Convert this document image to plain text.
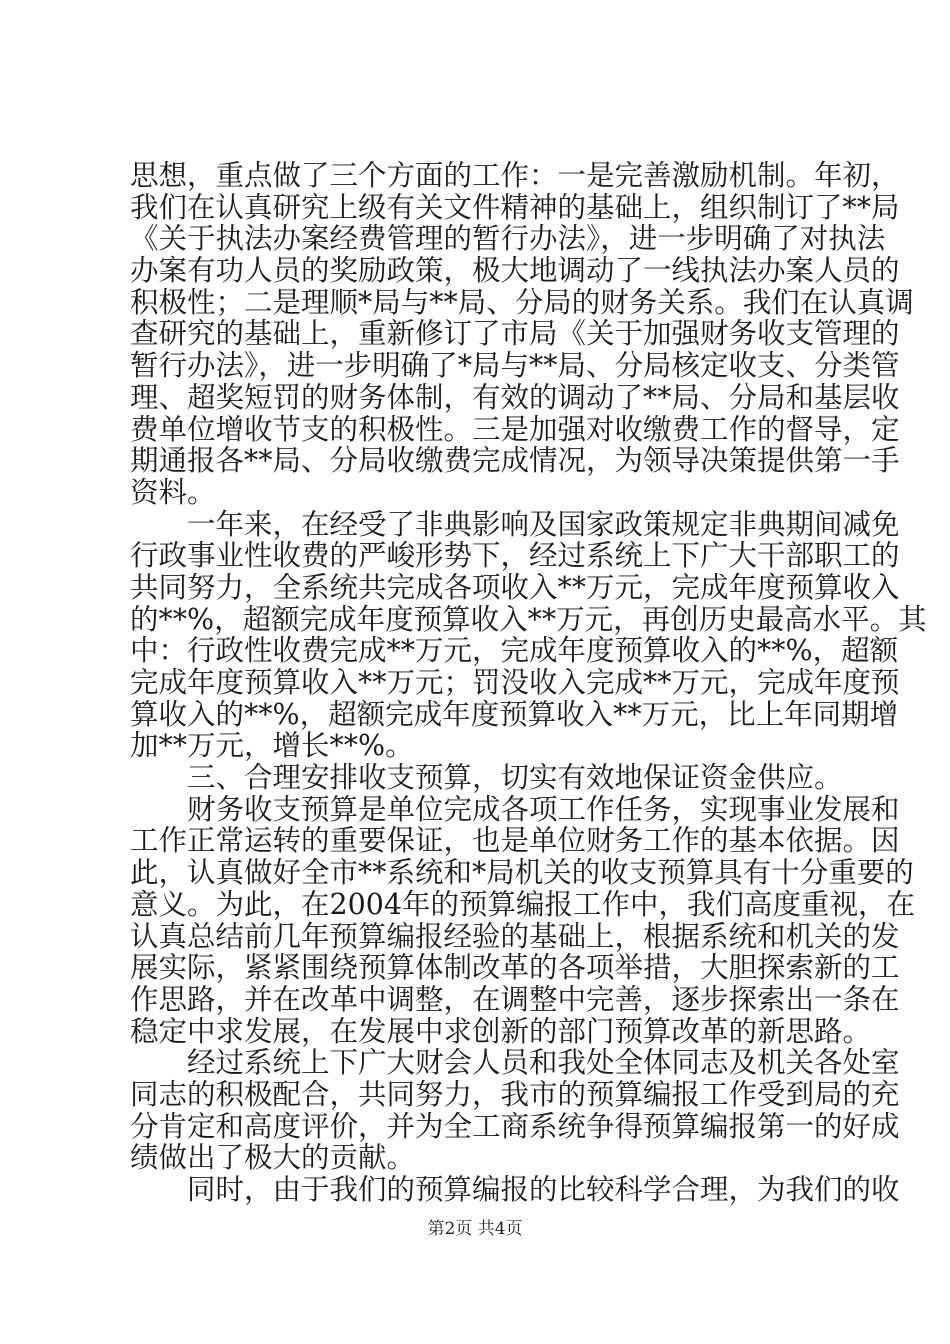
思想，重点做了三个方面的工作：一是完善激励机制。年初，
我们在认真研究上级有关文件精神的基础上，组织制订了**局
《关于执法办案经费管理的暂行办法》，进一步明确了对执法
办案有功人员的奖励政策，极大地调动了一线执法办案人员的
积极性；二是理顺*局与**局、分局的财务关系。我们在认真调
查研究的基础上，重新修订了市局《关于加强财务收支管理的
暂行办法》，进一步明确了*局与**局、分局核定收支、分类管
理、超奖短罚的财务体制，有效的调动了**局、分局和基层收
费单位增收节支的积极性。三是加强对收缴费工作的督导，定
期通报各**局、分局收缴费完成情况，为领导决策提供第一手
资料。
　　一年来，在经受了非典影响及国家政策规定非典期间减免
行政事业性收费的严峻形势下，经过系统上下广大干部职工的
共同努力，全系统共完成各项收入**万元，完成年度预算收入
的**%，超额完成年度预算收入**万元，再创历史最高水平。其
中：行政性收费完成**万元，完成年度预算收入的**%，超额
完成年度预算收入**万元；罚没收入完成**万元，完成年度预
算收入的**%，超额完成年度预算收入**万元，比上年同期增
加**万元，增长**%。
　　三、合理安排收支预算，切实有效地保证资金供应。
　　财务收支预算是单位完成各项工作任务，实现事业发展和
工作正常运转的重要保证，也是单位财务工作的基本依据。因
此，认真做好全市**系统和*局机关的收支预算具有十分重要的
意义。为此，在2004年的预算编报工作中，我们高度重视，在
认真总结前几年预算编报经验的基础上，根据系统和机关的发
展实际，紧紧围绕预算体制改革的各项举措，大胆探索新的工
作思路，并在改革中调整，在调整中完善，逐步探索出一条在
稳定中求发展，在发展中求创新的部门预算改革的新思路。
　　经过系统上下广大财会人员和我处全体同志及机关各处室
同志的积极配合，共同努力，我市的预算编报工作受到局的充
分肯定和高度评价，并为全工商系统争得预算编报第一的好成
绩做出了极大的贡献。
　　同时，由于我们的预算编报的比较科学合理，为我们的收
第2页 共4页
